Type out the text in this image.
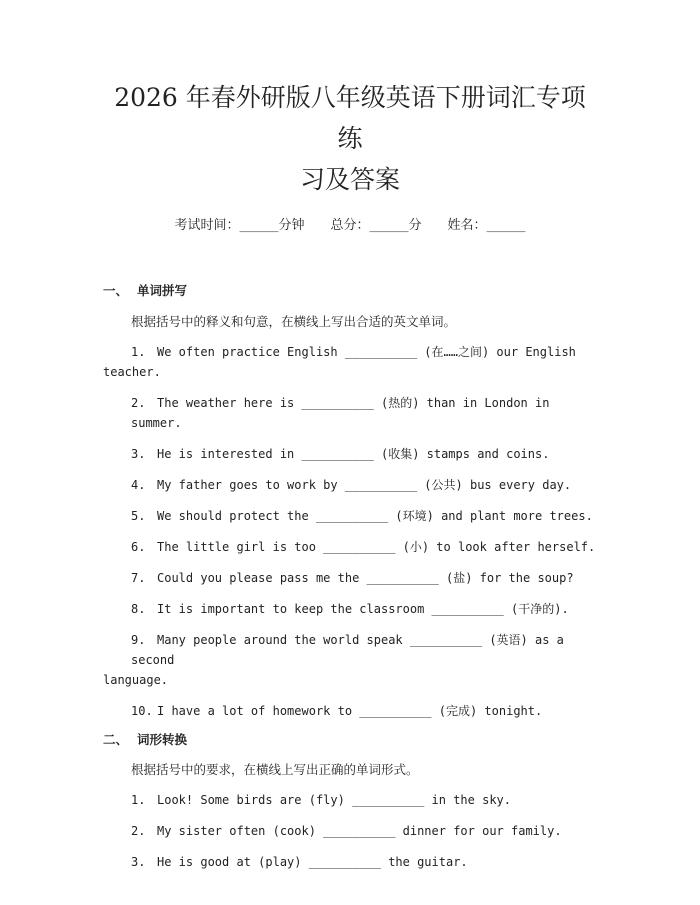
2026 年春外研版八年级英语下册词汇专项练
习及答案
考试时间：______分钟 总分：______分 姓名：______
一、 单词拼写
根据括号中的释义和句意，在横线上写出合适的英文单词。
1. We often practice English __________ (在……之间) our English
teacher.
2. The weather here is __________ (热的) than in London in summer.
3. He is interested in __________ (收集) stamps and coins.
4. My father goes to work by __________ (公共) bus every day.
5. We should protect the __________ (环境) and plant more trees.
6. The little girl is too __________ (小) to look after herself.
7. Could you please pass me the __________ (盐) for the soup?
8. It is important to keep the classroom __________ (干净的).
9. Many people around the world speak __________ (英语) as a second
language.
10. I have a lot of homework to __________ (完成) tonight.
二、 词形转换
根据括号中的要求，在横线上写出正确的单词形式。
1. Look! Some birds are (fly) __________ in the sky.
2. My sister often (cook) __________ dinner for our family.
3. He is good at (play) __________ the guitar.
